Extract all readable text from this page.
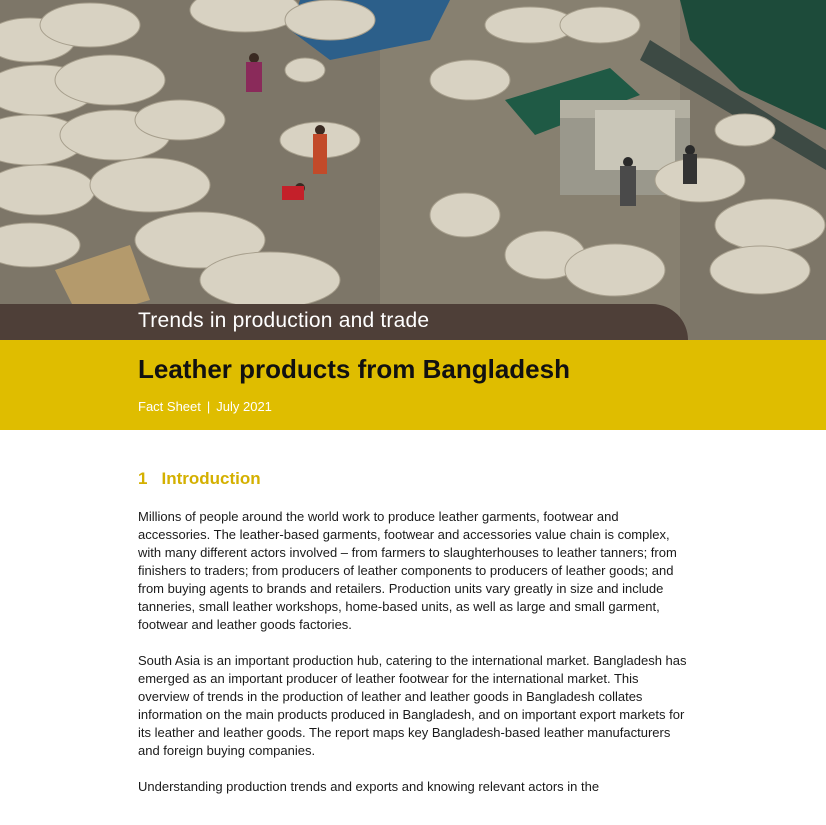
Trends in production and trade
Leather products from Bangladesh
Fact Sheet | July 2021
1 Introduction

Millions of people around the world work to produce leather garments, footwear and accessories. The leather-based garments, footwear and accessories value chain is complex, with many different actors involved – from farmers to slaughterhouses to leather tanners; from finishers to traders; from producers of leather components to producers of leather goods; and from buying agents to brands and retailers. Production units vary greatly in size and include tanneries, small leather workshops, home-based units, as well as large and small garment, footwear and leather goods factories.

South Asia is an important production hub, catering to the international market. Bangladesh has emerged as an important producer of leather footwear for the international market. This overview of trends in the production of leather and leather goods in Bangladesh collates information on the main products produced in Bangladesh, and on important export markets for its leather and leather goods. The report maps key Bangladesh-based leather manufacturers and foreign buying companies.

Understanding production trends and exports and knowing relevant actors in the
